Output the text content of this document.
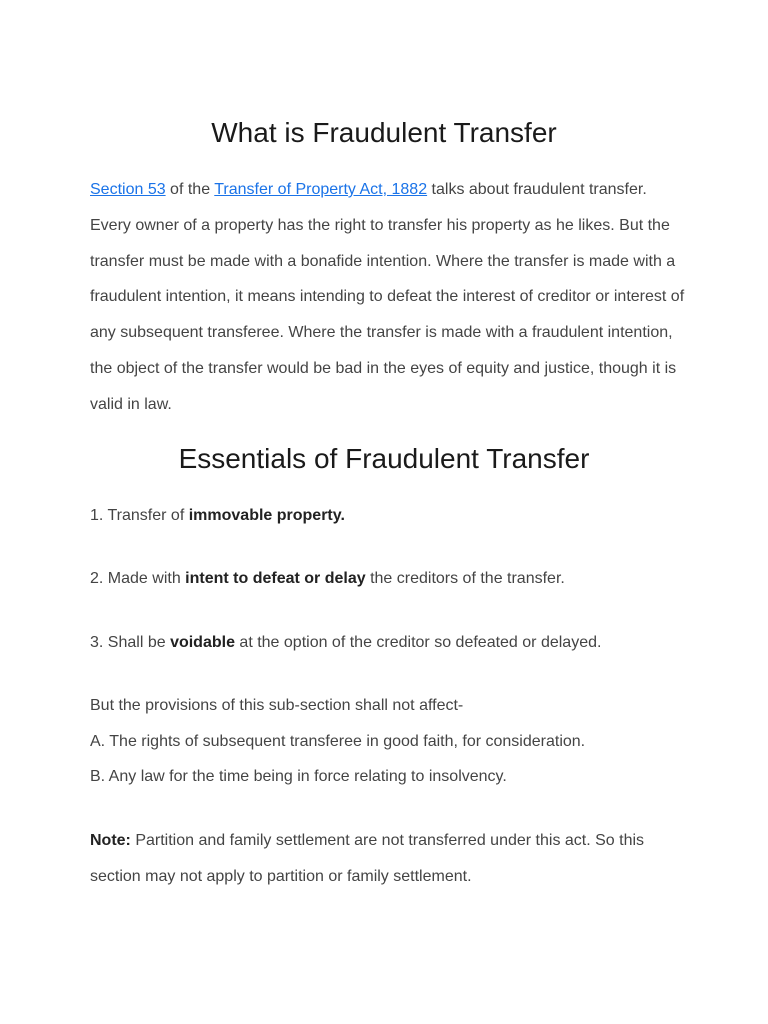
What is Fraudulent Transfer

Section 53 of the Transfer of Property Act, 1882 talks about fraudulent transfer. Every owner of a property has the right to transfer his property as he likes. But the transfer must be made with a bonafide intention. Where the transfer is made with a fraudulent intention, it means intending to defeat the interest of creditor or interest of any subsequent transferee. Where the transfer is made with a fraudulent intention, the object of the transfer would be bad in the eyes of equity and justice, though it is valid in law.

Essentials of Fraudulent Transfer

1. Transfer of immovable property.

2. Made with intent to defeat or delay the creditors of the transfer.

3. Shall be voidable at the option of the creditor so defeated or delayed.

But the provisions of this sub-section shall not affect-

A. The rights of subsequent transferee in good faith, for consideration.

B. Any law for the time being in force relating to insolvency.

Note: Partition and family settlement are not transferred under this act. So this section may not apply to partition or family settlement.
